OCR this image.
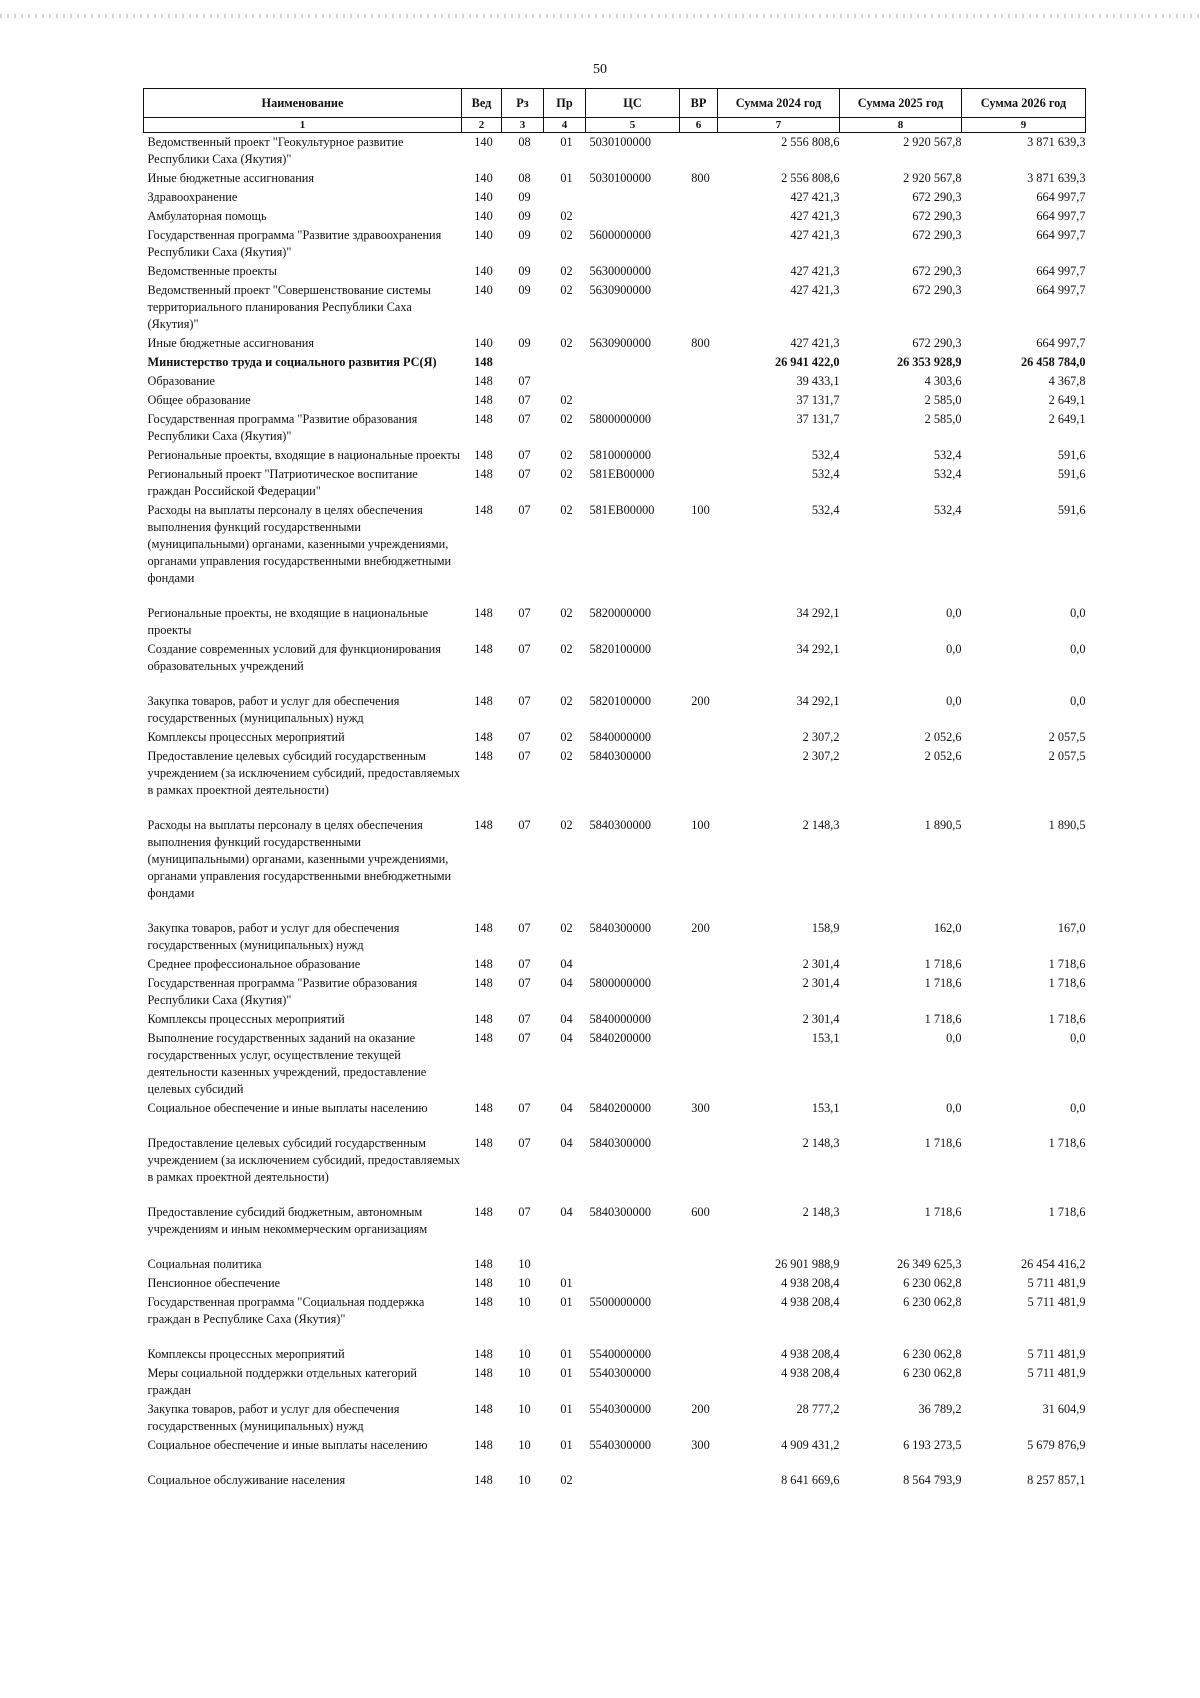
50
Наименование	Вед	Рз	Пр	ЦС	ВР	Сумма 2024 год	Сумма 2025 год	Сумма 2026 год
1	2	3	4	5	6	7	8	9
Ведомственный проект "Геокультурное развитие Республики Саха (Якутия)"	140	08	01	5030100000		2 556 808,6	2 920 567,8	3 871 639,3
Иные бюджетные ассигнования	140	08	01	5030100000	800	2 556 808,6	2 920 567,8	3 871 639,3
Здравоохранение	140	09				427 421,3	672 290,3	664 997,7
Амбулаторная помощь	140	09	02			427 421,3	672 290,3	664 997,7
Государственная программа "Развитие здравоохранения Республики Саха (Якутия)"	140	09	02	5600000000		427 421,3	672 290,3	664 997,7
Ведомственные проекты	140	09	02	5630000000		427 421,3	672 290,3	664 997,7
Ведомственный проект "Совершенствование системы территориального планирования Республики Саха (Якутия)"	140	09	02	5630900000		427 421,3	672 290,3	664 997,7
Иные бюджетные ассигнования	140	09	02	5630900000	800	427 421,3	672 290,3	664 997,7
Министерство труда и социального развития РС(Я)	148					26 941 422,0	26 353 928,9	26 458 784,0
Образование	148	07				39 433,1	4 303,6	4 367,8
Общее образование	148	07	02			37 131,7	2 585,0	2 649,1
Государственная программа "Развитие образования Республики Саха (Якутия)"	148	07	02	5800000000		37 131,7	2 585,0	2 649,1
Региональные проекты, входящие в национальные проекты	148	07	02	5810000000		532,4	532,4	591,6
Региональный проект "Патриотическое воспитание граждан Российской Федерации"	148	07	02	581EB00000		532,4	532,4	591,6
Расходы на выплаты персоналу в целях обеспечения выполнения функций государственными (муниципальными) органами, казенными учреждениями, органами управления государственными внебюджетными фондами	148	07	02	581EB00000	100	532,4	532,4	591,6
Региональные проекты, не входящие в национальные проекты	148	07	02	5820000000		34 292,1	0,0	0,0
Создание современных условий для функционирования образовательных учреждений	148	07	02	5820100000		34 292,1	0,0	0,0
Закупка товаров, работ и услуг для обеспечения государственных (муниципальных) нужд	148	07	02	5820100000	200	34 292,1	0,0	0,0
Комплексы процессных мероприятий	148	07	02	5840000000		2 307,2	2 052,6	2 057,5
Предоставление целевых субсидий государственным учреждением (за исключением субсидий, предоставляемых в рамках проектной деятельности)	148	07	02	5840300000		2 307,2	2 052,6	2 057,5
Расходы на выплаты персоналу в целях обеспечения выполнения функций государственными (муниципальными) органами, казенными учреждениями, органами управления государственными внебюджетными фондами	148	07	02	5840300000	100	2 148,3	1 890,5	1 890,5
Закупка товаров, работ и услуг для обеспечения государственных (муниципальных) нужд	148	07	02	5840300000	200	158,9	162,0	167,0
Среднее профессиональное образование	148	07	04			2 301,4	1 718,6	1 718,6
Государственная программа "Развитие образования Республики Саха (Якутия)"	148	07	04	5800000000		2 301,4	1 718,6	1 718,6
Комплексы процессных мероприятий	148	07	04	5840000000		2 301,4	1 718,6	1 718,6
Выполнение государственных заданий на оказание государственных услуг, осуществление текущей деятельности казенных учреждений, предоставление целевых субсидий	148	07	04	5840200000		153,1	0,0	0,0
Социальное обеспечение и иные выплаты населению	148	07	04	5840200000	300	153,1	0,0	0,0
Предоставление целевых субсидий государственным учреждением (за исключением субсидий, предоставляемых в рамках проектной деятельности)	148	07	04	5840300000		2 148,3	1 718,6	1 718,6
Предоставление субсидий бюджетным, автономным учреждениям и иным некоммерческим организациям	148	07	04	5840300000	600	2 148,3	1 718,6	1 718,6
Социальная политика	148	10				26 901 988,9	26 349 625,3	26 454 416,2
Пенсионное обеспечение	148	10	01			4 938 208,4	6 230 062,8	5 711 481,9
Государственная программа "Социальная поддержка граждан в Республике Саха (Якутия)"	148	10	01	5500000000		4 938 208,4	6 230 062,8	5 711 481,9
Комплексы процессных мероприятий	148	10	01	5540000000		4 938 208,4	6 230 062,8	5 711 481,9
Меры социальной поддержки отдельных категорий граждан	148	10	01	5540300000		4 938 208,4	6 230 062,8	5 711 481,9
Закупка товаров, работ и услуг для обеспечения государственных (муниципальных) нужд	148	10	01	5540300000	200	28 777,2	36 789,2	31 604,9
Социальное обеспечение и иные выплаты населению	148	10	01	5540300000	300	4 909 431,2	6 193 273,5	5 679 876,9
Социальное обслуживание населения	148	10	02			8 641 669,6	8 564 793,9	8 257 857,1
